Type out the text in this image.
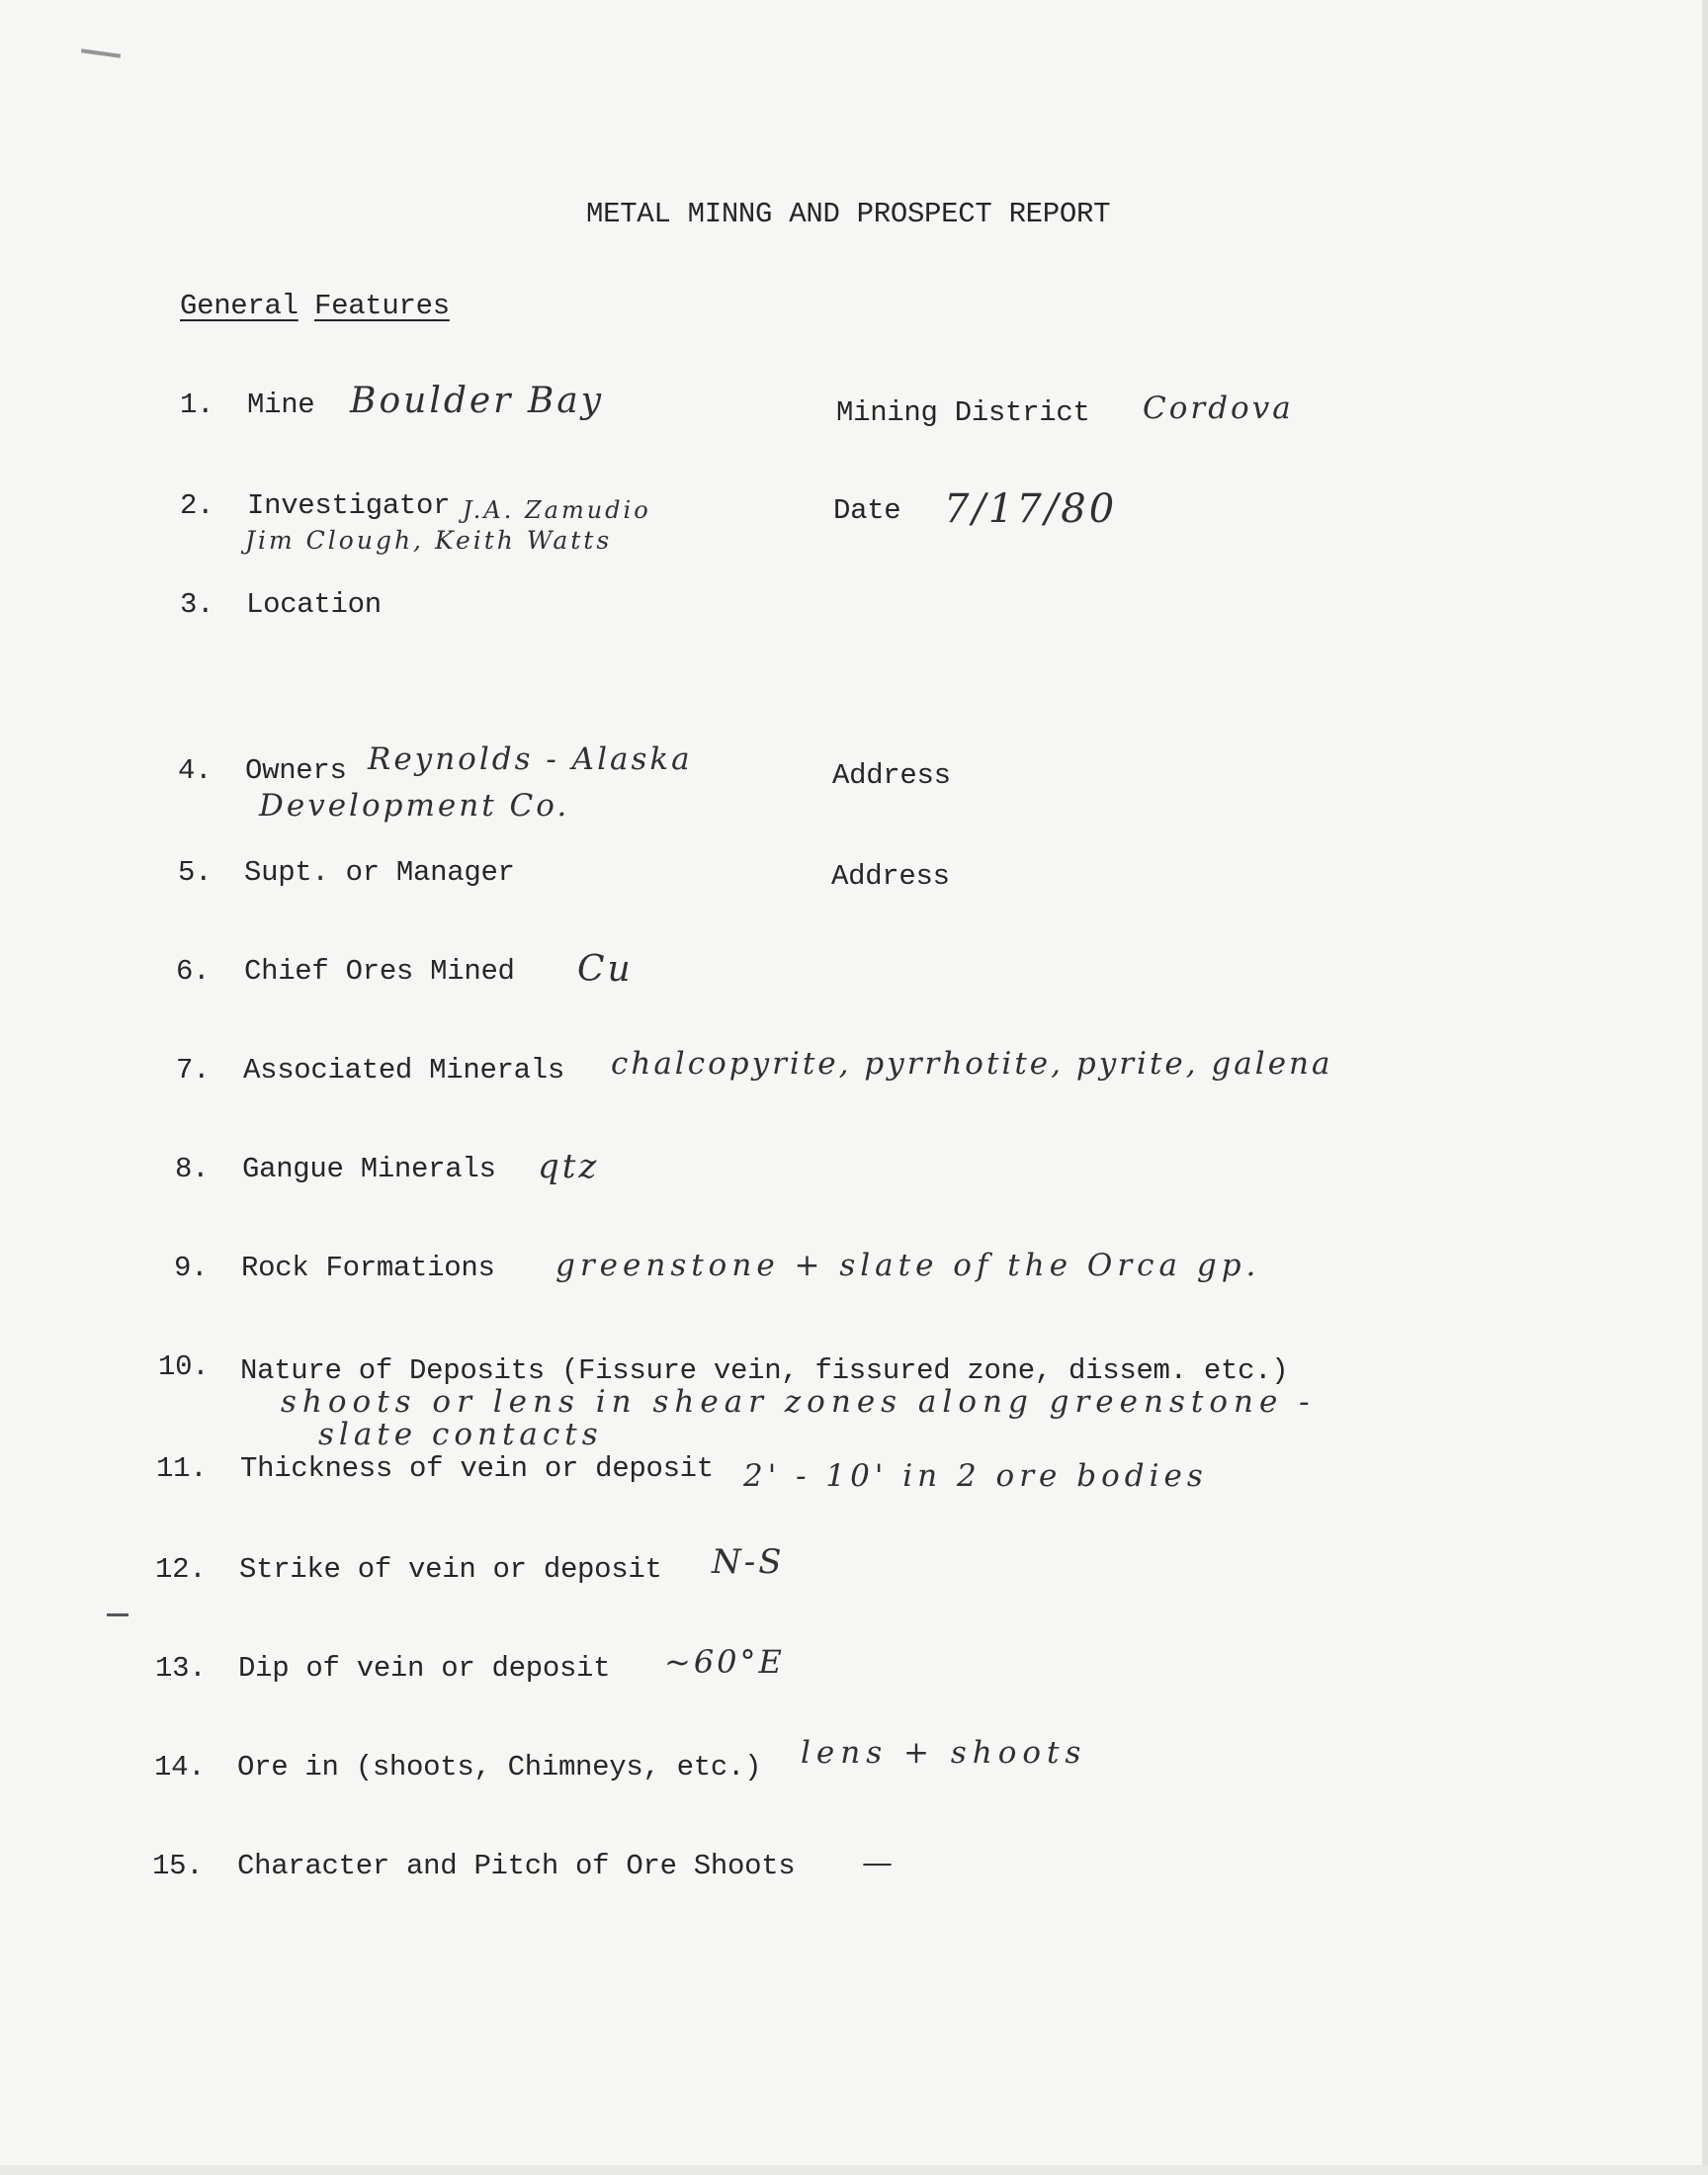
METAL MINNG AND PROSPECT REPORT
General Features
1. Mine Boulder Bay	Mining District Cordova
2. Investigator J.A. Zamudio
Jim Clough, Keith Watts
Date 7/17/80
3. Location
4. Owners Reynolds - Alaska
Development Co.
Address
5. Supt. or Manager	Address
6. Chief Ores Mined Cu
7. Associated Minerals chalcopyrite, pyrrhotite, pyrite, galena
8. Gangue Minerals qtz
9. Rock Formations greenstone + slate of the Orca gp.
10. Nature of Deposits (Fissure vein, fissured zone, dissem. etc.)
shoots or lens in shear zones along greenstone -
slate contacts
11. Thickness of vein or deposit 2' - 10' in 2 ore bodies
12. Strike of vein or deposit N-S
13. Dip of vein or deposit ~60°E
14. Ore in (shoots, Chimneys, etc.) lens + shoots
15. Character and Pitch of Ore Shoots —
